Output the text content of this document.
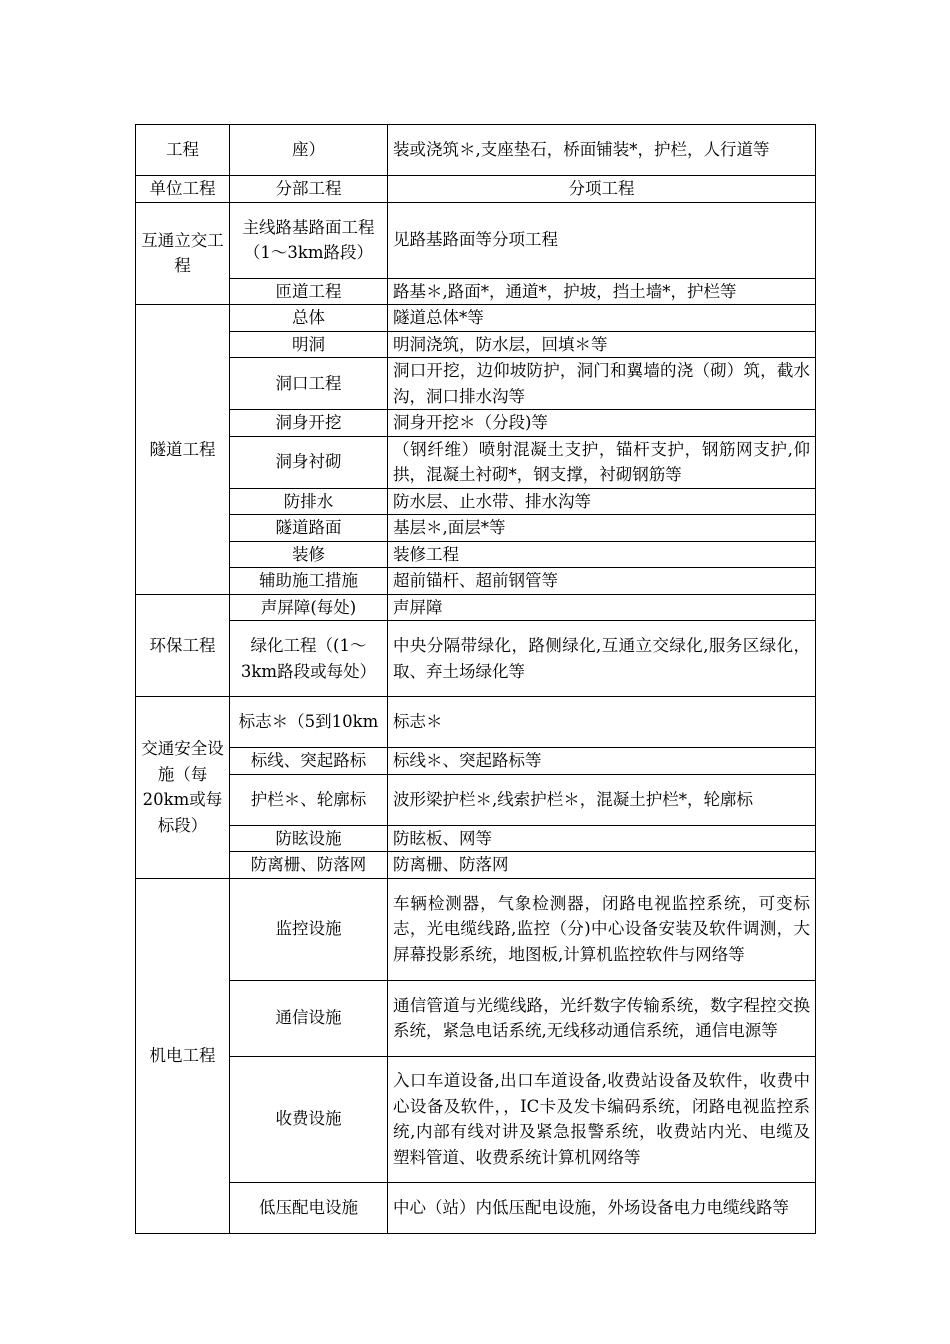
工程	座）	装或浇筑＊,支座垫石，桥面铺装*，护栏，人行道等
单位工程	分部工程	分项工程
互通立交工程	主线路基路面工程（1～3km路段）	见路基路面等分项工程
	匝道工程	路基＊,路面*，通道*，护坡，挡土墙*，护栏等
隧道工程	总体	隧道总体*等
	明洞	明洞浇筑，防水层，回填＊等
	洞口工程	洞口开挖，边仰坡防护，洞门和翼墙的浇（砌）筑，截水沟，洞口排水沟等
	洞身开挖	洞身开挖＊（分段)等
	洞身衬砌	（钢纤维）喷射混凝土支护，锚杆支护，钢筋网支护,仰拱，混凝土衬砌*，钢支撑，衬砌钢筋等
	防排水	防水层、止水带、排水沟等
	隧道路面	基层＊,面层*等
	装修	装修工程
	辅助施工措施	超前锚杆、超前钢管等
环保工程	声屏障(每处)	声屏障
	绿化工程（(1～3km路段或每处）	中央分隔带绿化，路侧绿化,互通立交绿化,服务区绿化，取、弃土场绿化等
交通安全设施（每20km或每标段）	标志＊（5到10km	标志＊
	标线、突起路标	标线＊、突起路标等
	护栏＊、轮廓标	波形梁护栏＊,线索护栏＊，混凝土护栏*，轮廓标
	防眩设施	防眩板、网等
	防离栅、防落网	防离栅、防落网
机电工程	监控设施	车辆检测器，气象检测器，闭路电视监控系统，可变标志，光电缆线路,监控（分)中心设备安装及软件调测，大屏幕投影系统，地图板,计算机监控软件与网络等
	通信设施	通信管道与光缆线路，光纤数字传输系统，数字程控交换系统，紧急电话系统,无线移动通信系统，通信电源等
	收费设施	入口车道设备,出口车道设备,收费站设备及软件，收费中心设备及软件，，IC卡及发卡编码系统，闭路电视监控系统,内部有线对讲及紧急报警系统，收费站内光、电缆及塑料管道、收费系统计算机网络等
	低压配电设施	中心（站）内低压配电设施，外场设备电力电缆线路等
